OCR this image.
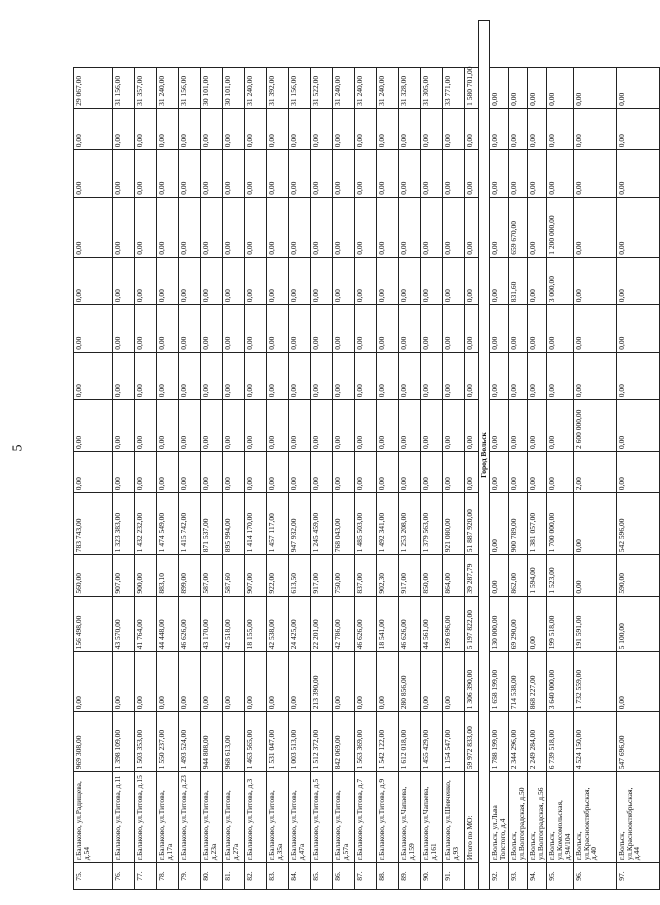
5
75.	г.Балаково, ул.Радищева, д.54	969 308,00	0,00	156 498,00	560,00	783 743,00	0,00	0,00	0,00	0,00	0,00	0,00	0,00	0,00	29 067,00
76.	г.Балаково, ул.Титова, д.11	1 398 109,00	0,00	43 570,00	907,00	1 323 383,00	0,00	0,00	0,00	0,00	0,00	0,00	0,00	0,00	31 156,00
77.	г.Балаково, ул.Титова, д.15	1 503 353,00	0,00	41 764,00	900,00	1 432 232,00	0,00	0,00	0,00	0,00	0,00	0,00	0,00	0,00	31 357,00
78.	г.Балаково, ул.Титова, д.17а	1 550 237,00	0,00	44 448,00	883,10	1 474 549,00	0,00	0,00	0,00	0,00	0,00	0,00	0,00	0,00	31 240,00
79.	г.Балаково, ул.Титова, д.23	1 493 524,00	0,00	46 626,00	899,00	1 415 742,00	0,00	0,00	0,00	0,00	0,00	0,00	0,00	0,00	31 156,00
80.	г.Балаково, ул.Титова, д.23а	944 808,00	0,00	43 170,00	587,00	871 537,00	0,00	0,00	0,00	0,00	0,00	0,00	0,00	0,00	30 101,00
81.	г.Балаково, ул.Титова, д.27а	968 613,00	0,00	42 518,00	587,60	895 994,00	0,00	0,00	0,00	0,00	0,00	0,00	0,00	0,00	30 101,00
82.	г.Балаково, ул.Титова, д.3	1 463 565,00	0,00	18 155,00	907,00	1 414 170,00	0,00	0,00	0,00	0,00	0,00	0,00	0,00	0,00	31 240,00
83.	г.Балаково, ул.Титова, д.35а	1 531 047,00	0,00	42 538,00	922,00	1 457 117,00	0,00	0,00	0,00	0,00	0,00	0,00	0,00	0,00	31 392,00
84.	г.Балаково, ул.Титова, д.47а	1 003 513,00	0,00	24 425,00	613,50	947 932,00	0,00	0,00	0,00	0,00	0,00	0,00	0,00	0,00	31 156,00
85.	г.Балаково, ул.Титова, д.5	1 512 372,00	213 390,00	22 201,00	917,00	1 245 459,00	0,00	0,00	0,00	0,00	0,00	0,00	0,00	0,00	31 522,00
86.	г.Балаково, ул.Титова, д.57а	842 069,00	0,00	42 786,00	750,00	768 043,00	0,00	0,00	0,00	0,00	0,00	0,00	0,00	0,00	31 240,00
87.	г.Балаково, ул.Титова, д.7	1 563 369,00	0,00	46 626,00	837,00	1 485 503,00	0,00	0,00	0,00	0,00	0,00	0,00	0,00	0,00	31 240,00
88.	г.Балаково, ул.Титова, д.9	1 542 122,00	0,00	18 541,00	902,30	1 492 341,00	0,00	0,00	0,00	0,00	0,00	0,00	0,00	0,00	31 240,00
89.	г.Балаково, ул.Чапаева, д.159	1 612 018,00	280 856,00	46 626,00	917,00	1 253 208,00	0,00	0,00	0,00	0,00	0,00	0,00	0,00	0,00	31 328,00
90.	г.Балаково, ул.Чапаева, д.161	1 455 429,00	0,00	44 561,00	850,00	1 379 563,00	0,00	0,00	0,00	0,00	0,00	0,00	0,00	0,00	31 305,00
91.	г.Балаково, ул.Шевченко, д.93	1 154 547,00	0,00	199 696,00	864,00	921 080,00	0,00	0,00	0,00	0,00	0,00	0,00	0,00	0,00	33 771,00
	Итого по МО:	59 972 833,00	1 306 390,00	5 197 822,00	39 287,79	51 887 920,00	0,00	0,00	0,00	0,00	0,00	0,00	0,00	0,00	1 580 701,00
Город Вольск															
92.	г.Вольск, ул.Льва Толстого, д.4	1 788 199,00	1 658 199,00	130 000,00	0,00	0,00	0,00	0,00	0,00	0,00	0,00	0,00	0,00	0,00	0,00
93.	г.Вольск, ул.Волгоградская, д.50	2 344 296,00	714 538,00	69 290,00	862,00	900 789,00	0,00	0,00	0,00	0,00	831,60	659 670,00	0,00	0,00	0,00
94.	г.Вольск, ул.Волгоградская, д.56	2 249 284,00	868 227,00	0,00	1 594,00	1 381 057,00	0,00	0,00	0,00	0,00	0,00	0,00	0,00	0,00	0,00
95.	г.Вольск, ул.Комсомольская, д.94/104	6 739 518,00	3 640 000,00	199 518,00	1 523,00	1 700 000,00	0,00	0,00	0,00	0,00	3 000,00	1 200 000,00	0,00	0,00	0,00
96.	г.Вольск, ул.Краснооктябрьская, д.40	4 524 150,00	1 732 559,00	191 591,00	0,00	0,00	2,00	2 600 000,00	0,00	0,00	0,00	0,00	0,00	0,00	0,00
97.	г.Вольск, ул.Краснооктябрьская, д.44	547 696,00	0,00	5 100,00	590,00	542 596,00	0,00	0,00	0,00	0,00	0,00	0,00	0,00	0,00	0,00
